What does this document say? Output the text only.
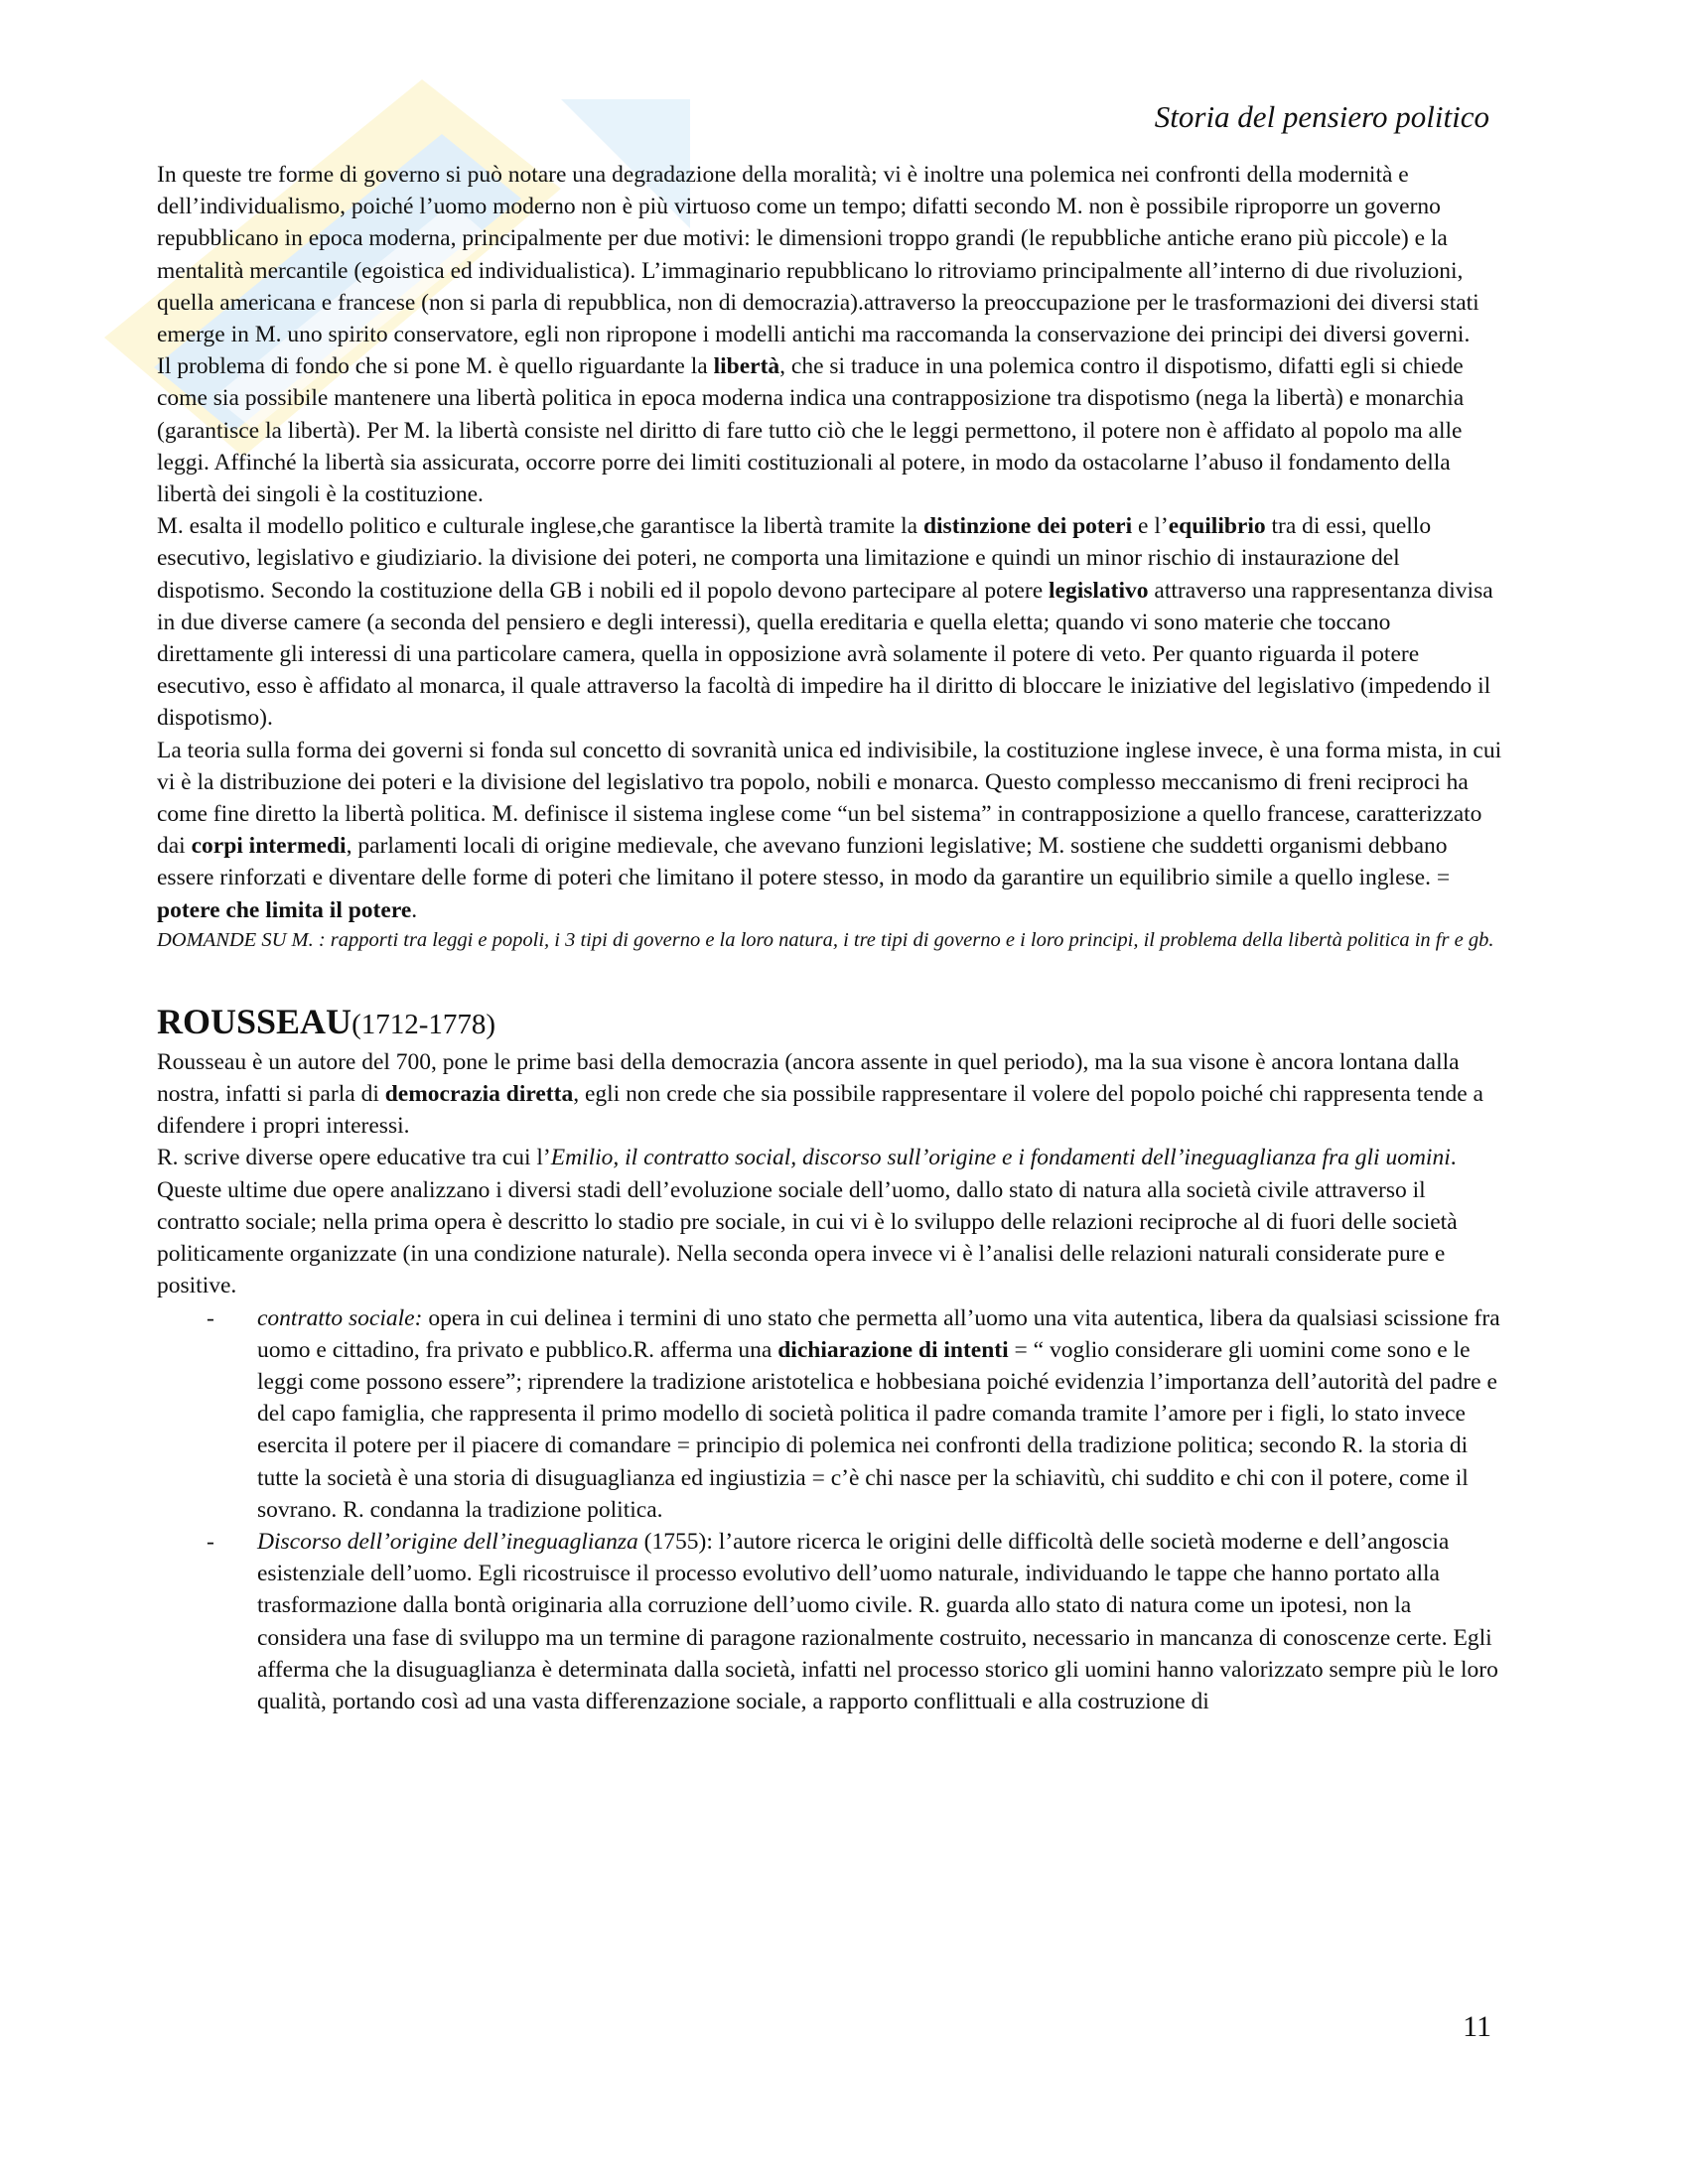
Storia del pensiero politico

In queste tre forme di governo si può notare una degradazione della moralità; vi è inoltre una polemica nei confronti della modernità e dell’individualismo, poiché l’uomo moderno non è più virtuoso come un tempo; difatti secondo M. non è possibile riproporre un governo repubblicano in epoca moderna, principalmente per due motivi: le dimensioni troppo grandi (le repubbliche antiche erano più piccole) e la mentalità mercantile (egoistica ed individualistica). L’immaginario repubblicano lo ritroviamo principalmente all’interno di due rivoluzioni, quella americana e francese (non si parla di repubblica, non di democrazia).attraverso la preoccupazione per le trasformazioni dei diversi stati emerge in M. uno spirito conservatore, egli non ripropone i modelli antichi ma raccomanda la conservazione dei principi dei diversi governi.

Il problema di fondo che si pone M. è quello riguardante la libertà, che si traduce in una polemica contro il dispotismo, difatti egli si chiede come sia possibile mantenere una libertà politica in epoca moderna indica una contrapposizione tra dispotismo (nega la libertà) e monarchia (garantisce la libertà). Per M. la libertà consiste nel diritto di fare tutto ciò che le leggi permettono, il potere non è affidato al popolo ma alle leggi. Affinché la libertà sia assicurata, occorre porre dei limiti costituzionali al potere, in modo da ostacolarne l’abuso il fondamento della libertà dei singoli è la costituzione.

M. esalta il modello politico e culturale inglese,che garantisce la libertà tramite la distinzione dei poteri e l’equilibrio tra di essi, quello esecutivo, legislativo e giudiziario. la divisione dei poteri, ne comporta una limitazione e quindi un minor rischio di instaurazione del dispotismo. Secondo la costituzione della GB i nobili ed il popolo devono partecipare al potere legislativo attraverso una rappresentanza divisa in due diverse camere (a seconda del pensiero e degli interessi), quella ereditaria e quella eletta; quando vi sono materie che toccano direttamente gli interessi di una particolare camera, quella in opposizione avrà solamente il potere di veto. Per quanto riguarda il potere esecutivo, esso è affidato al monarca, il quale attraverso la facoltà di impedire ha il diritto di bloccare le iniziative del legislativo (impedendo il dispotismo).

La teoria sulla forma dei governi si fonda sul concetto di sovranità unica ed indivisibile, la costituzione inglese invece, è una forma mista, in cui vi è la distribuzione dei poteri e la divisione del legislativo tra popolo, nobili e monarca. Questo complesso meccanismo di freni reciproci ha come fine diretto la libertà politica. M. definisce il sistema inglese come “un bel sistema” in contrapposizione a quello francese, caratterizzato dai corpi intermedi, parlamenti locali di origine medievale, che avevano funzioni legislative; M. sostiene che suddetti organismi debbano essere rinforzati e diventare delle forme di poteri che limitano il potere stesso, in modo da garantire un equilibrio simile a quello inglese. = potere che limita il potere.

DOMANDE SU M. : rapporti tra leggi e popoli, i 3 tipi di governo e la loro natura, i tre tipi di governo e i loro principi, il problema della libertà politica in fr e gb.

ROUSSEAU(1712-1778)

Rousseau è un autore del 700, pone le prime basi della democrazia (ancora assente in quel periodo), ma la sua visone è ancora lontana dalla nostra, infatti si parla di democrazia diretta, egli non crede che sia possibile rappresentare il volere del popolo poiché chi rappresenta tende a difendere i propri interessi.

R. scrive diverse opere educative tra cui l’Emilio, il contratto social, discorso sull’origine e i fondamenti dell’ineguaglianza fra gli uomini. Queste ultime due opere analizzano i diversi stadi dell’evoluzione sociale dell’uomo, dallo stato di natura alla società civile attraverso il contratto sociale; nella prima opera è descritto lo stadio pre sociale, in cui vi è lo sviluppo delle relazioni reciproche al di fuori delle società politicamente organizzate (in una condizione naturale). Nella seconda opera invece vi è l’analisi delle relazioni naturali considerate pure e positive.

- contratto sociale: opera in cui delinea i termini di uno stato che permetta all’uomo una vita autentica, libera da qualsiasi scissione fra uomo e cittadino, fra privato e pubblico.R. afferma una dichiarazione di intenti = “ voglio considerare gli uomini come sono e le leggi come possono essere”; riprendere la tradizione aristotelica e hobbesiana poiché evidenzia l’importanza dell’autorità del padre e del capo famiglia, che rappresenta il primo modello di società politica il padre comanda tramite l’amore per i figli, lo stato invece esercita il potere per il piacere di comandare = principio di polemica nei confronti della tradizione politica; secondo R. la storia di tutte la società è una storia di disuguaglianza ed ingiustizia = c’è chi nasce per la schiavitù, chi suddito e chi con il potere, come il sovrano. R. condanna la tradizione politica.
- Discorso dell’origine dell’ineguaglianza (1755): l’autore ricerca le origini delle difficoltà delle società moderne e dell’angoscia esistenziale dell’uomo. Egli ricostruisce il processo evolutivo dell’uomo naturale, individuando le tappe che hanno portato alla trasformazione dalla bontà originaria alla corruzione dell’uomo civile. R. guarda allo stato di natura come un ipotesi, non la considera una fase di sviluppo ma un termine di paragone razionalmente costruito, necessario in mancanza di conoscenze certe. Egli afferma che la disuguaglianza è determinata dalla società, infatti nel processo storico gli uomini hanno valorizzato sempre più le loro qualità, portando così ad una vasta differenzazione sociale, a rapporto conflittuali e alla costruzione di
11
